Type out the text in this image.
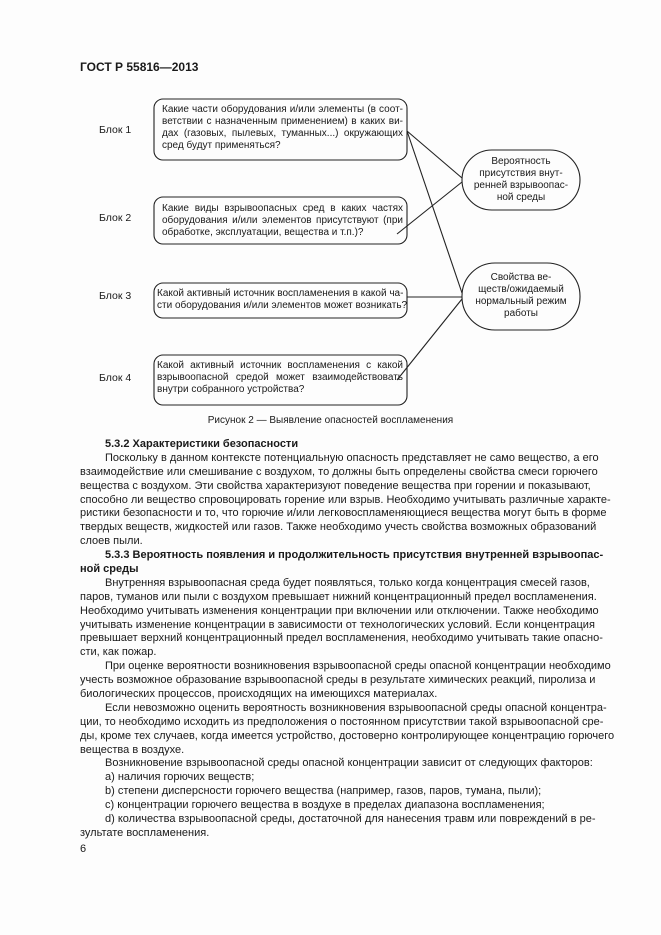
ГОСТ Р 55816—2013
Блок 1
Блок 2
Блок 3
Блок 4
Какие части оборудования и/или элементы (в соот-
ветствии с назначенным применением) в каких ви-
дах (газовых, пылевых, туманных...) окружающих
сред будут применяться?
Какие виды взрывоопасных сред в каких частях
оборудования и/или элементов присутствуют (при
обработке, эксплуатации, вещества и т.п.)?
Какой активный источник воспламенения в какой ча-
сти оборудования и/или элементов может возникать?
Какой активный источник воспламенения с какой
взрывоопасной средой может взаимодействовать
внутри собранного устройства?
Вероятность
присутствия внут-
ренней взрывоопас-
ной среды
Свойства ве-
ществ/ожидаемый
нормальный режим
работы
Рисунок 2 — Выявление опасностей воспламенения
5.3.2 Характеристики безопасности
Поскольку в данном контексте потенциальную опасность представляет не само вещество, а его
взаимодействие или смешивание с воздухом, то должны быть определены свойства смеси горючего
вещества с воздухом. Эти свойства характеризуют поведение вещества при горении и показывают,
способно ли вещество спровоцировать горение или взрыв. Необходимо учитывать различные характе-
ристики безопасности и то, что горючие и/или легковоспламеняющиеся вещества могут быть в форме
твердых веществ, жидкостей или газов. Также необходимо учесть свойства возможных образований
слоев пыли.
5.3.3 Вероятность появления и продолжительность присутствия внутренней взрывоопас-
ной среды
Внутренняя взрывоопасная среда будет появляться, только когда концентрация смесей газов,
паров, туманов или пыли с воздухом превышает нижний концентрационный предел воспламенения.
Необходимо учитывать изменения концентрации при включении или отключении. Также необходимо
учитывать изменение концентрации в зависимости от технологических условий. Если концентрация
превышает верхний концентрационный предел воспламенения, необходимо учитывать такие опасно-
сти, как пожар.
При оценке вероятности возникновения взрывоопасной среды опасной концентрации необходимо
учесть возможное образование взрывоопасной среды в результате химических реакций, пиролиза и
биологических процессов, происходящих на имеющихся материалах.
Если невозможно оценить вероятность возникновения взрывоопасной среды опасной концентра-
ции, то необходимо исходить из предположения о постоянном присутствии такой взрывоопасной сре-
ды, кроме тех случаев, когда имеется устройство, достоверно контролирующее концентрацию горючего
вещества в воздухе.
Возникновение взрывоопасной среды опасной концентрации зависит от следующих факторов:
а) наличия горючих веществ;
b) степени дисперсности горючего вещества (например, газов, паров, тумана, пыли);
c) концентрации горючего вещества в воздухе в пределах диапазона воспламенения;
d) количества взрывоопасной среды, достаточной для нанесения травм или повреждений в ре-
зультате воспламенения.
6
